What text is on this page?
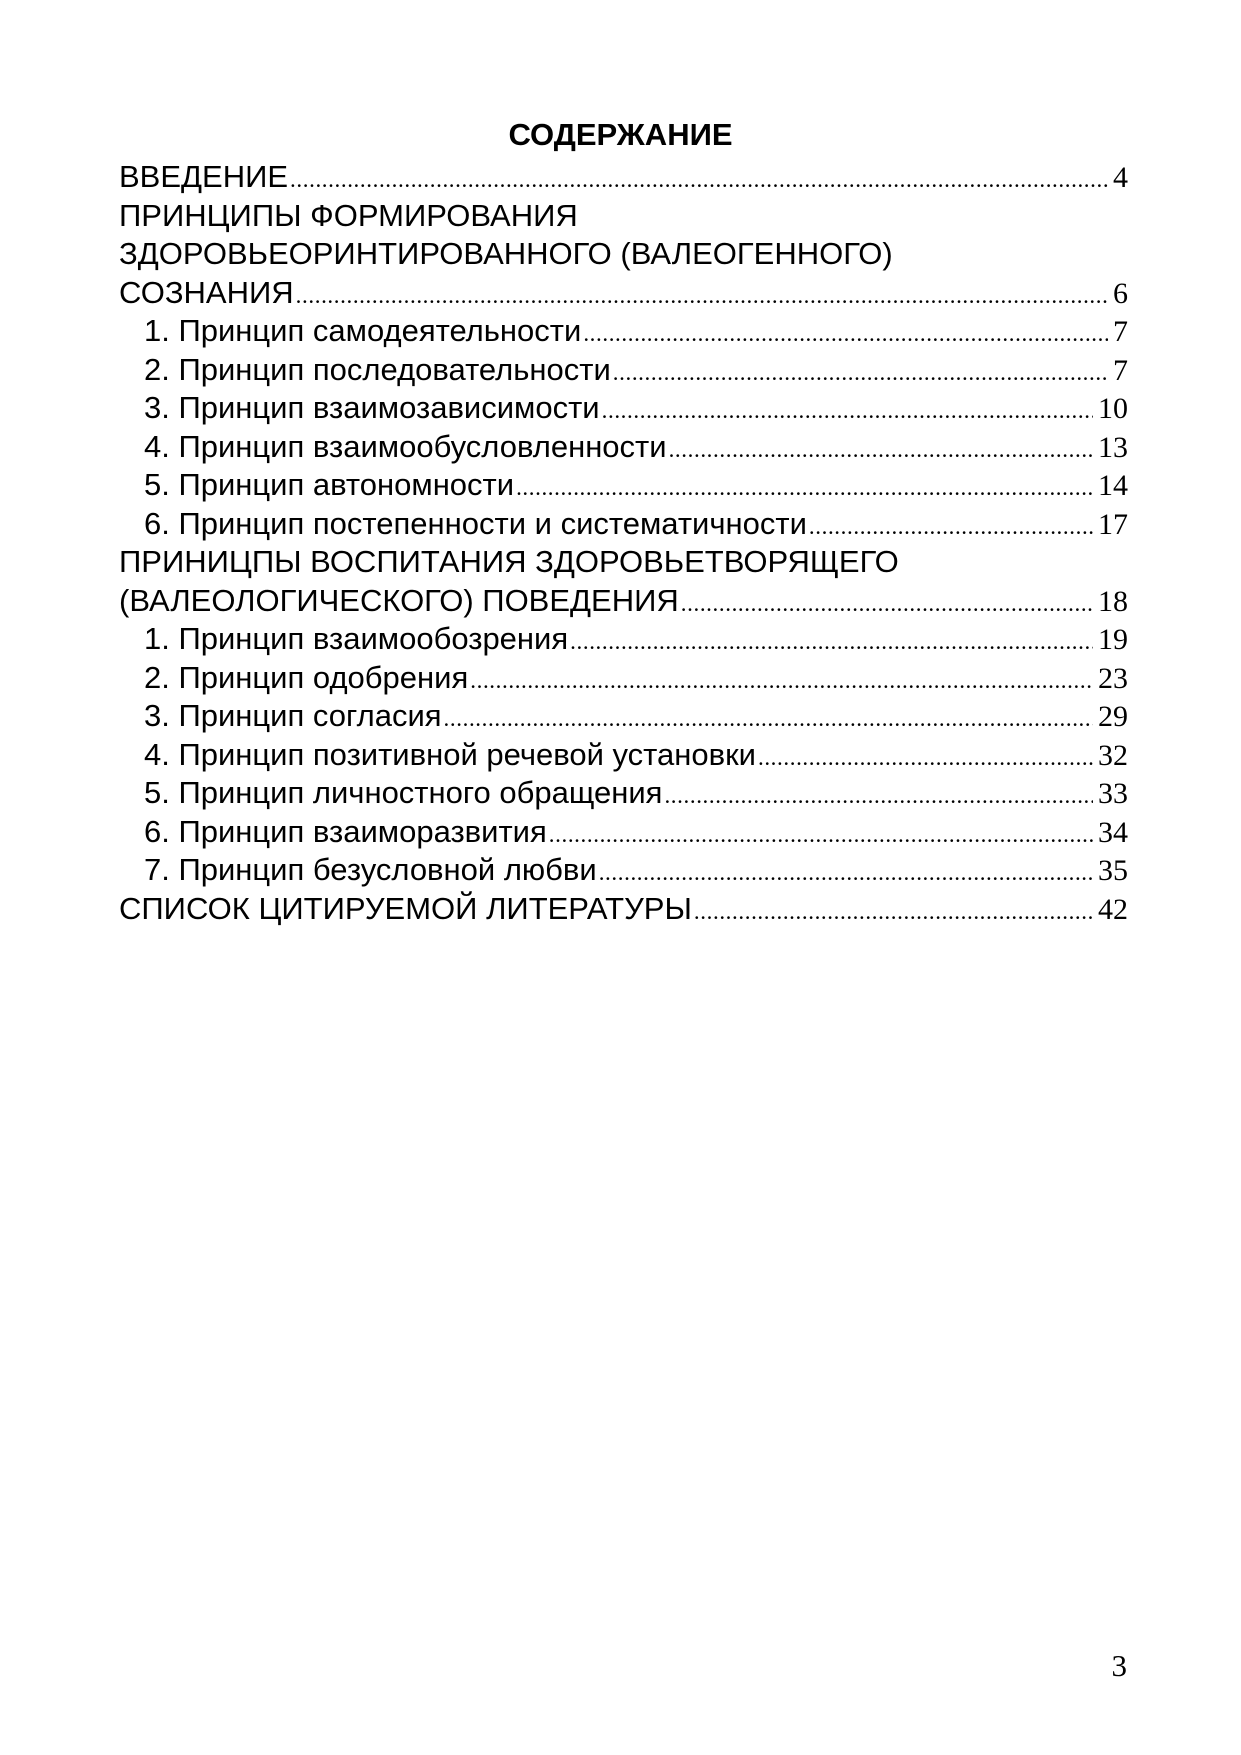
СОДЕРЖАНИЕ
ВВЕДЕНИЕ .....	4
ПРИНЦИПЫ ФОРМИРОВАНИЯ
ЗДОРОВЬЕОРИНТИРОВАННОГО (ВАЛЕОГЕННОГО)
СОЗНАНИЯ .....	6
1. Принцип самодеятельности .....	7
2. Принцип последовательности .....	7
3. Принцип взаимозависимости .....	10
4. Принцип взаимообусловленности .....	13
5. Принцип автономности .....	14
6. Принцип постепенности и систематичности .....	17
ПРИНИЦПЫ ВОСПИТАНИЯ ЗДОРОВЬЕТВОРЯЩЕГО
(ВАЛЕОЛОГИЧЕСКОГО) ПОВЕДЕНИЯ .....	18
1. Принцип взаимообозрения .....	19
2. Принцип одобрения .....	23
3. Принцип согласия .....	29
4. Принцип позитивной речевой установки .....	32
5. Принцип личностного обращения .....	33
6. Принцип взаиморазвития .....	34
7. Принцип безусловной любви .....	35
СПИСОК ЦИТИРУЕМОЙ ЛИТЕРАТУРЫ .....	42
3
